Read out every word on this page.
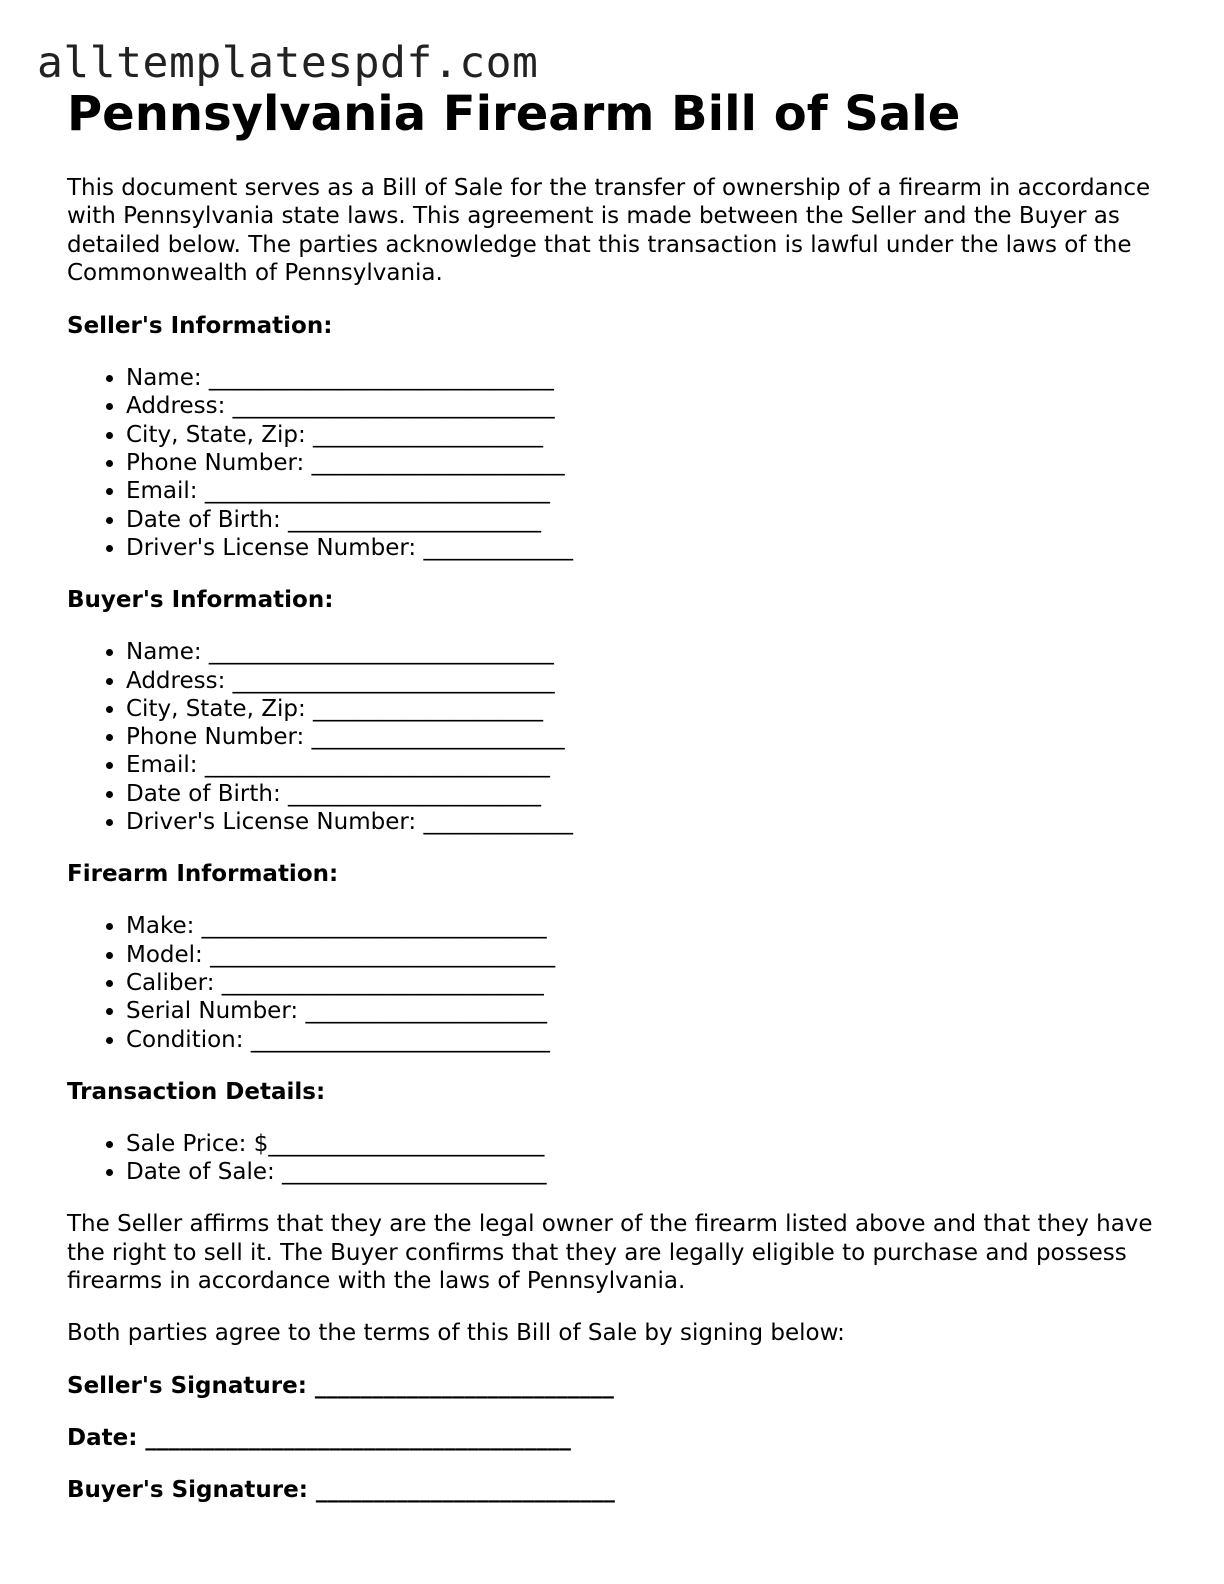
alltemplatespdf.com
Pennsylvania Firearm Bill of Sale

This document serves as a Bill of Sale for the transfer of ownership of a firearm in accordance with Pennsylvania state laws. This agreement is made between the Seller and the Buyer as detailed below. The parties acknowledge that this transaction is lawful under the laws of the Commonwealth of Pennsylvania.

Seller's Information:
• Name: ______________________________
• Address: ____________________________
• City, State, Zip: ____________________
• Phone Number: ______________________
• Email: ______________________________
• Date of Birth: ______________________
• Driver's License Number: _____________
Buyer's Information:
• Name: ______________________________
• Address: ____________________________
• City, State, Zip: ____________________
• Phone Number: ______________________
• Email: ______________________________
• Date of Birth: ______________________
• Driver's License Number: _____________
Firearm Information:
• Make: ______________________________
• Model: ______________________________
• Caliber: ____________________________
• Serial Number: _____________________
• Condition: __________________________
Transaction Details:
• Sale Price: $________________________
• Date of Sale: _______________________

The Seller affirms that they are the legal owner of the firearm listed above and that they have the right to sell it. The Buyer confirms that they are legally eligible to purchase and possess firearms in accordance with the laws of Pennsylvania.

Both parties agree to the terms of this Bill of Sale by signing below:

Seller's Signature: __________________________
Date: _____________________________________
Buyer's Signature: __________________________
